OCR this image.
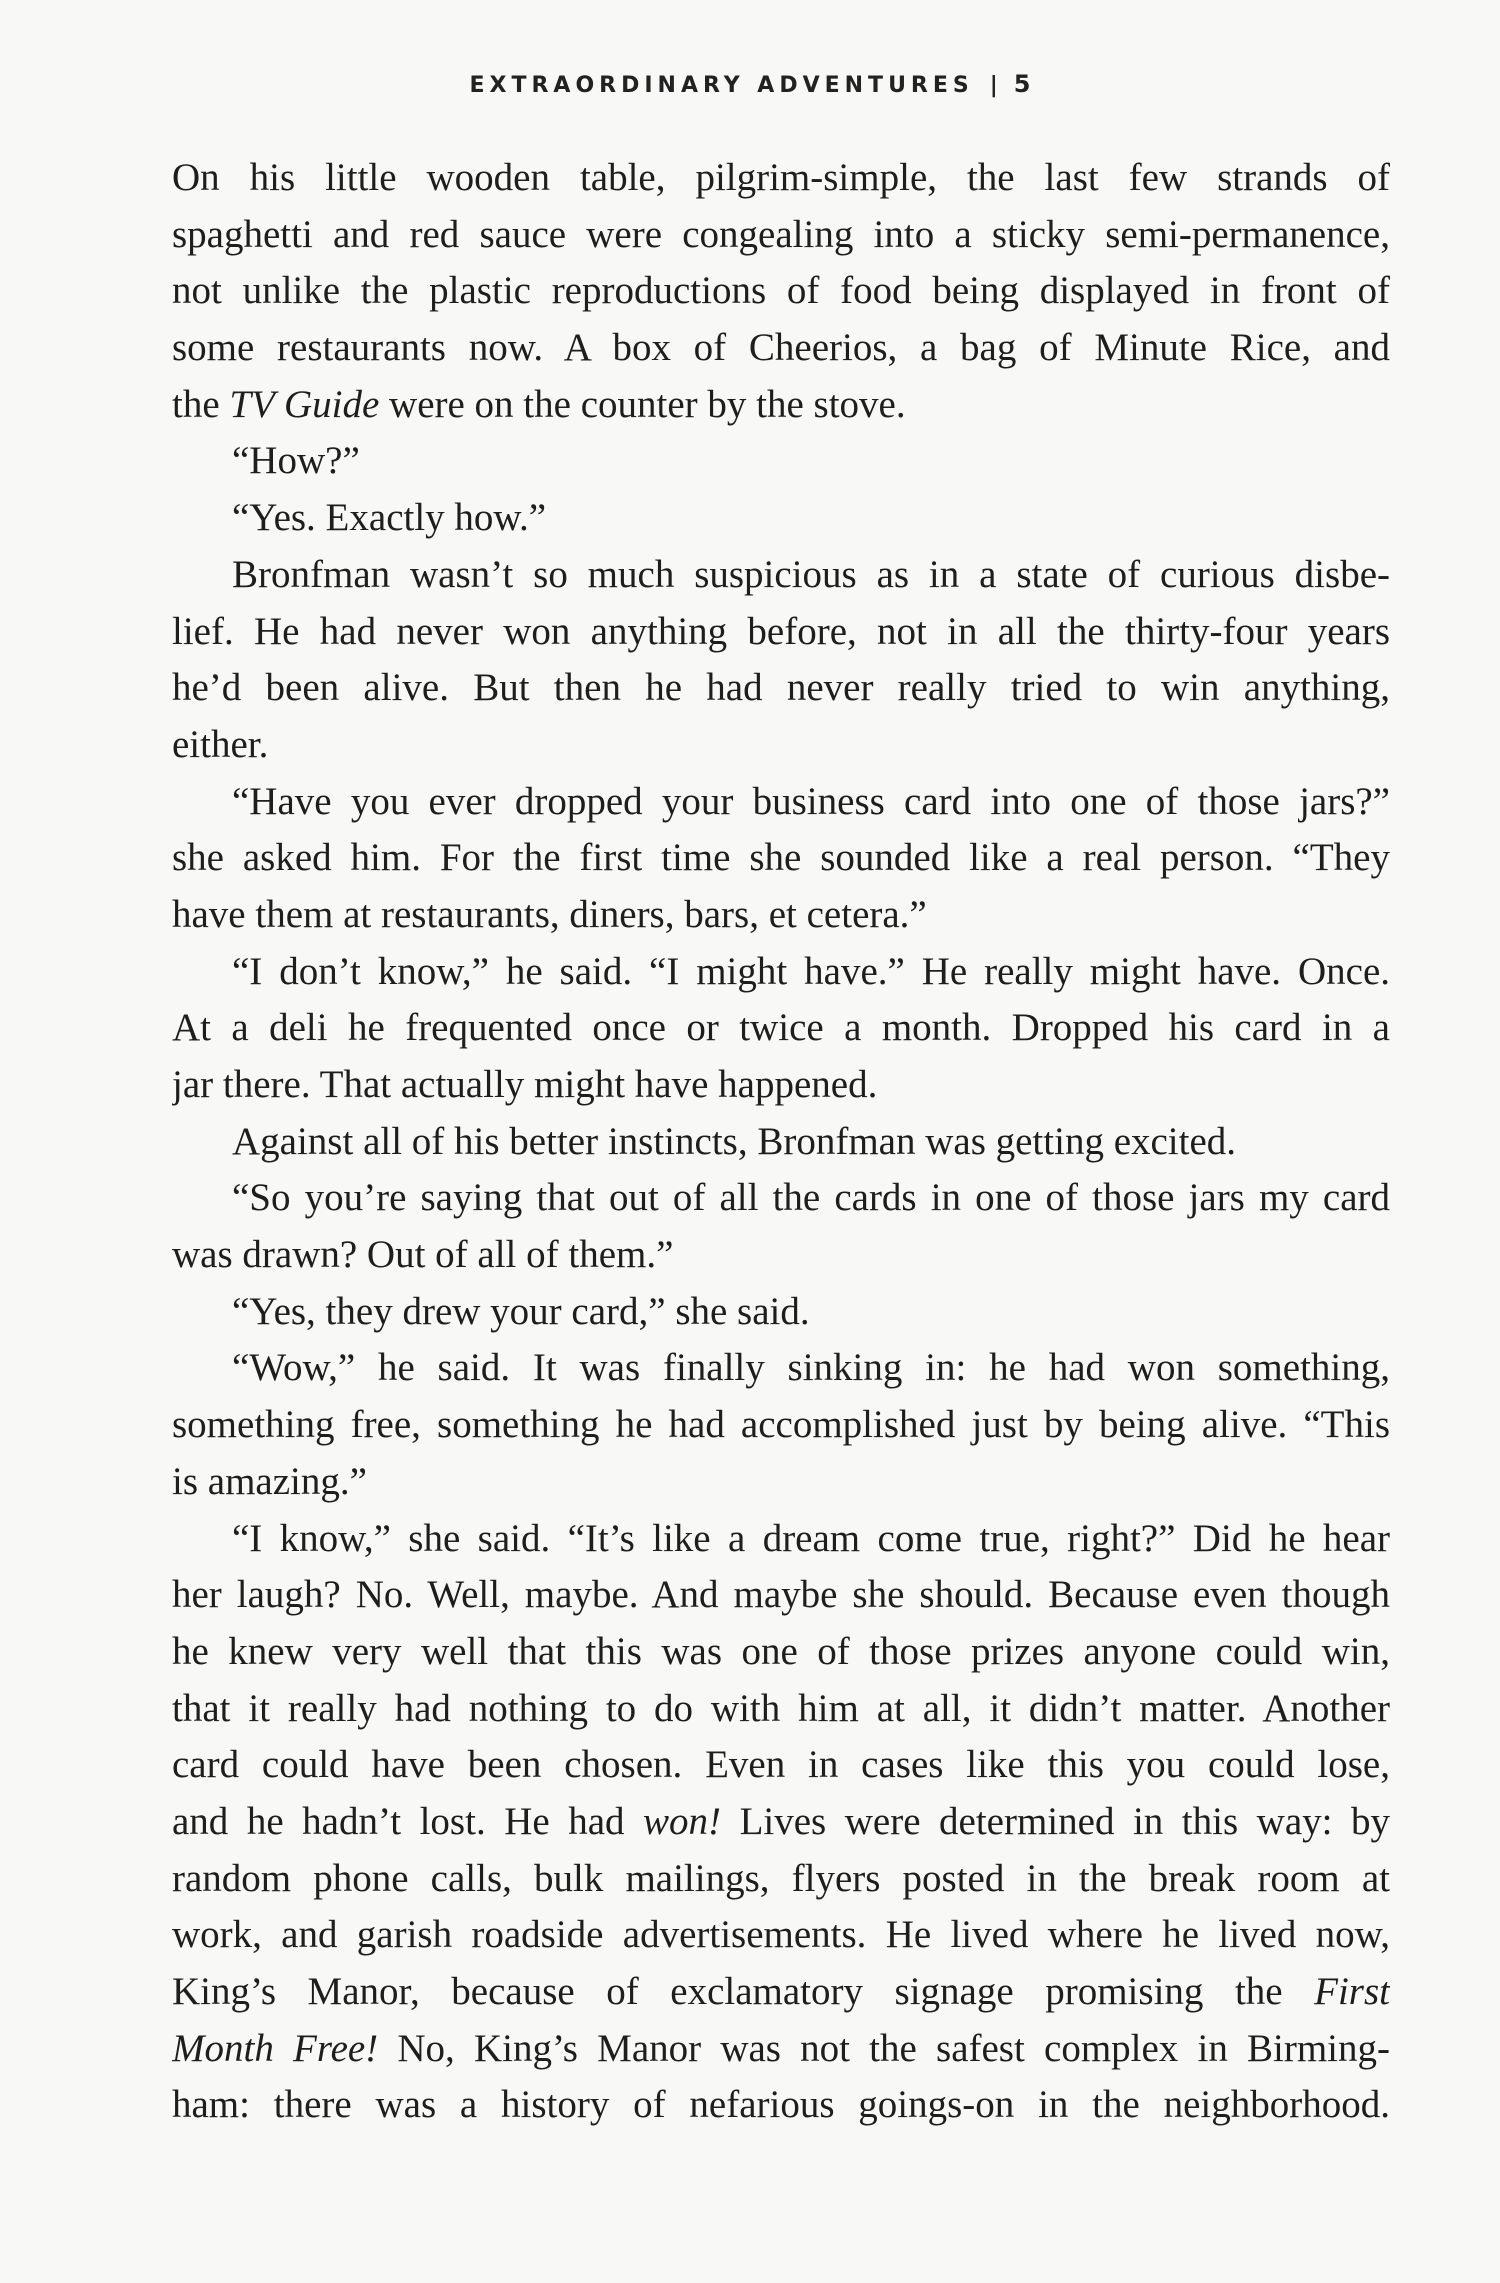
EXTRAORDINARY ADVENTURES | 5
On his little wooden table, pilgrim-simple, the last few strands of
spaghetti and red sauce were congealing into a sticky semi-permanence,
not unlike the plastic reproductions of food being displayed in front of
some restaurants now. A box of Cheerios, a bag of Minute Rice, and
the TV Guide were on the counter by the stove.
“How?”
“Yes. Exactly how.”
Bronfman wasn’t so much suspicious as in a state of curious disbe-
lief. He had never won anything before, not in all the thirty-four years
he’d been alive. But then he had never really tried to win anything,
either.
“Have you ever dropped your business card into one of those jars?”
she asked him. For the first time she sounded like a real person. “They
have them at restaurants, diners, bars, et cetera.”
“I don’t know,” he said. “I might have.” He really might have. Once.
At a deli he frequented once or twice a month. Dropped his card in a
jar there. That actually might have happened.
Against all of his better instincts, Bronfman was getting excited.
“So you’re saying that out of all the cards in one of those jars my card
was drawn? Out of all of them.”
“Yes, they drew your card,” she said.
“Wow,” he said. It was finally sinking in: he had won something,
something free, something he had accomplished just by being alive. “This
is amazing.”
“I know,” she said. “It’s like a dream come true, right?” Did he hear
her laugh? No. Well, maybe. And maybe she should. Because even though
he knew very well that this was one of those prizes anyone could win,
that it really had nothing to do with him at all, it didn’t matter. Another
card could have been chosen. Even in cases like this you could lose,
and he hadn’t lost. He had won! Lives were determined in this way: by
random phone calls, bulk mailings, flyers posted in the break room at
work, and garish roadside advertisements. He lived where he lived now,
King’s Manor, because of exclamatory signage promising the First
Month Free! No, King’s Manor was not the safest complex in Birming-
ham: there was a history of nefarious goings-on in the neighborhood.
